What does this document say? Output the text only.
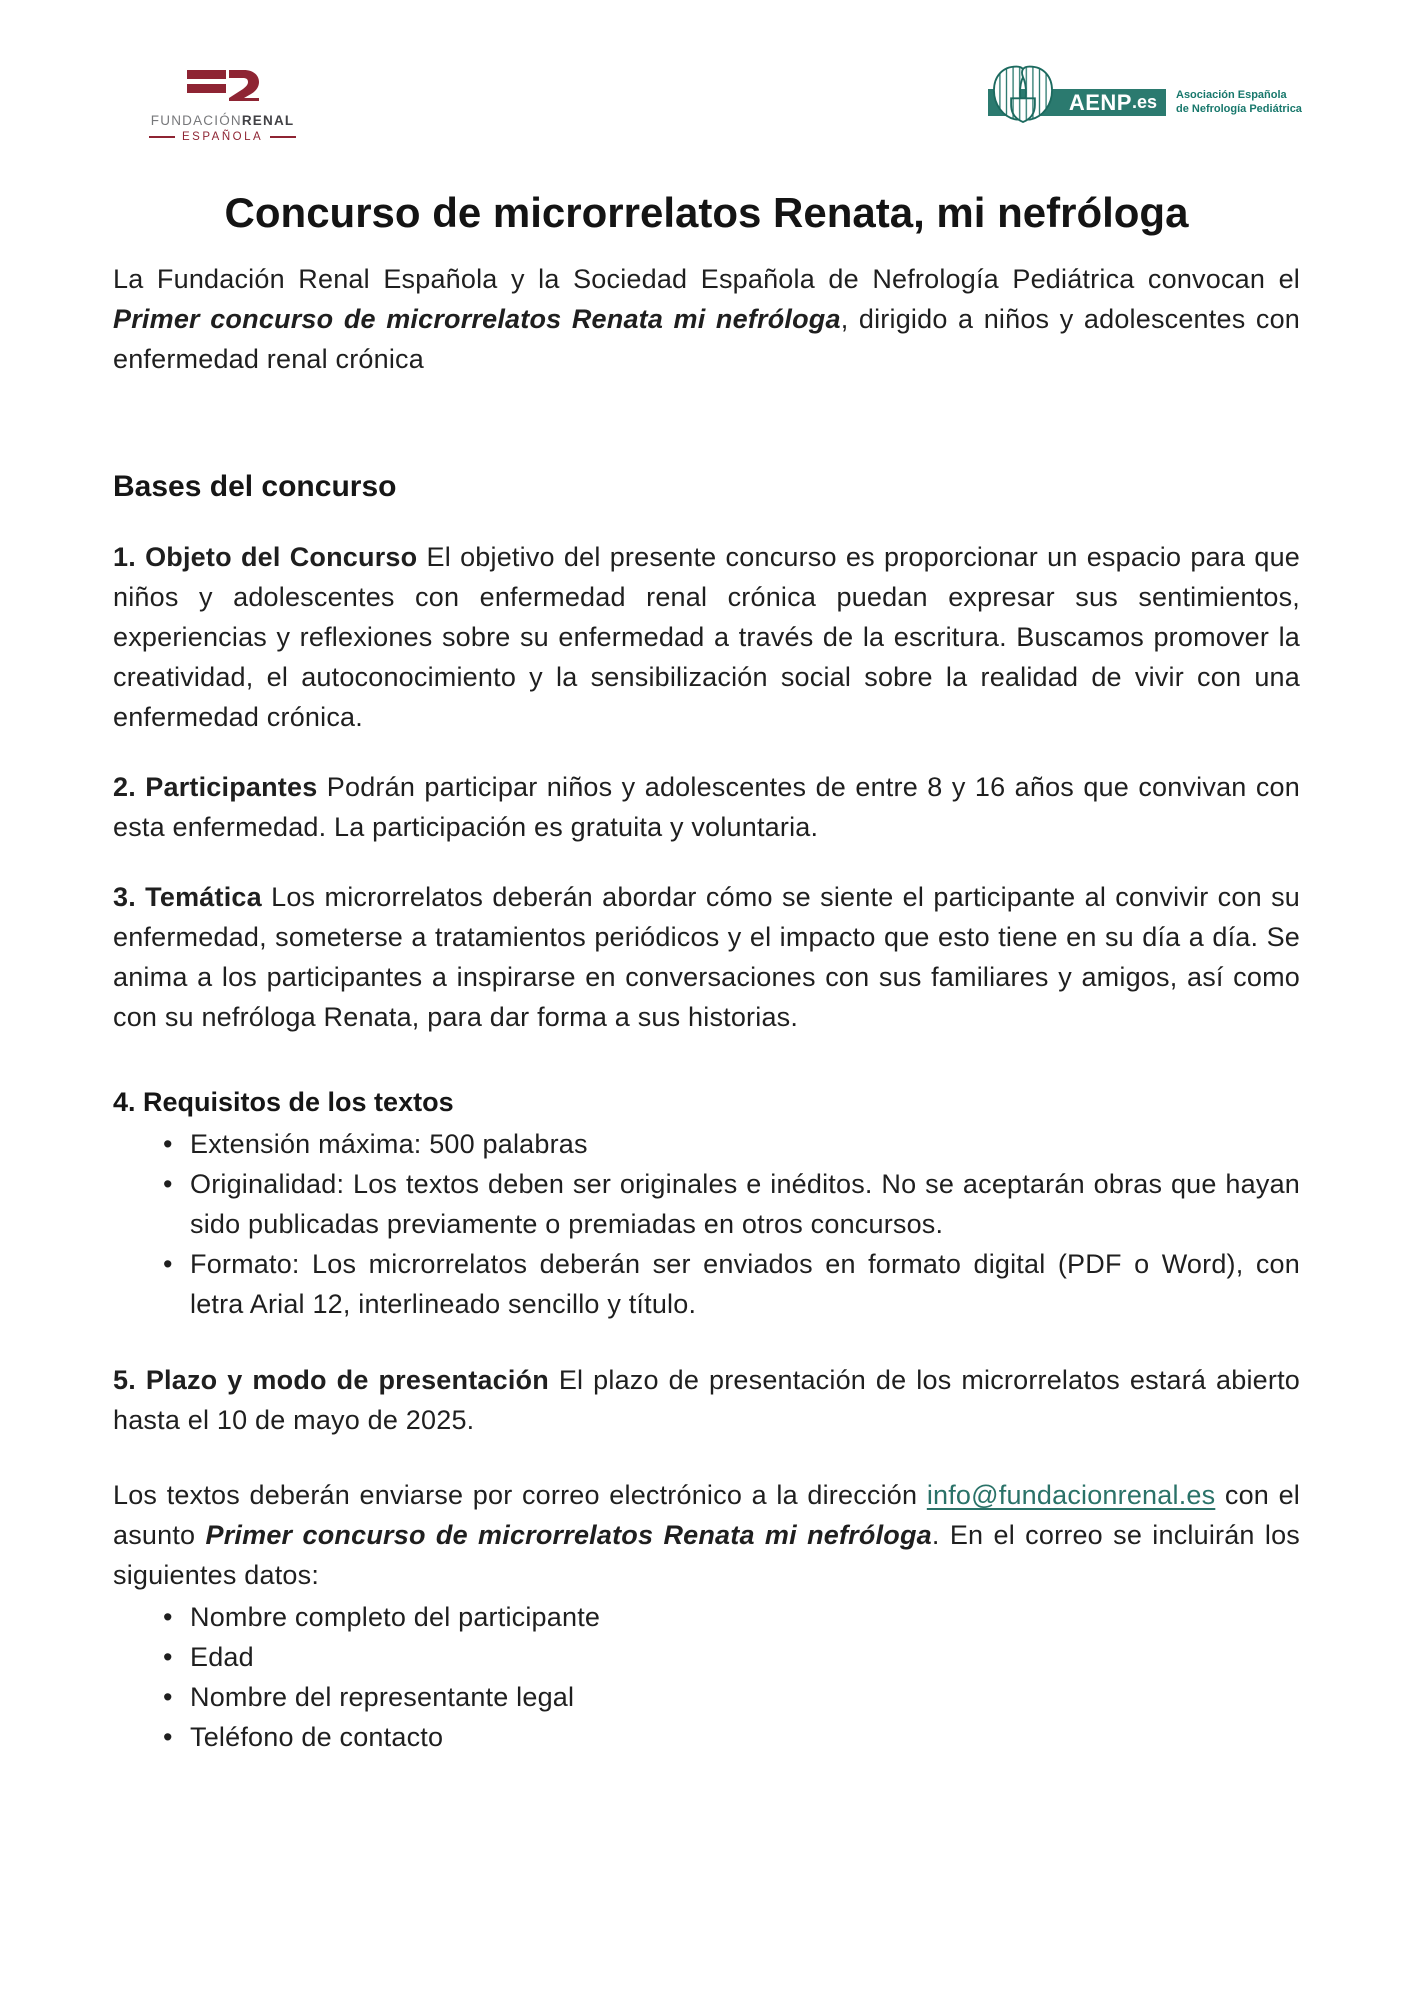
FUNDACIÓNRENAL
ESPAÑOLA
AENP .es Asociación Española
de Nefrología Pediátrica
Concurso de microrrelatos Renata, mi nefróloga

La Fundación Renal Española y la Sociedad Española de Nefrología Pediátrica convocan el Primer concurso de microrrelatos Renata mi nefróloga, dirigido a niños y adolescentes con enfermedad renal crónica

Bases del concurso

1. Objeto del Concurso El objetivo del presente concurso es proporcionar un espacio para que niños y adolescentes con enfermedad renal crónica puedan expresar sus sentimientos, experiencias y reflexiones sobre su enfermedad a través de la escritura. Buscamos promover la creatividad, el autoconocimiento y la sensibilización social sobre la realidad de vivir con una enfermedad crónica.

2. Participantes Podrán participar niños y adolescentes de entre 8 y 16 años que convivan con esta enfermedad. La participación es gratuita y voluntaria.

3. Temática Los microrrelatos deberán abordar cómo se siente el participante al convivir con su enfermedad, someterse a tratamientos periódicos y el impacto que esto tiene en su día a día. Se anima a los participantes a inspirarse en conversaciones con sus familiares y amigos, así como con su nefróloga Renata, para dar forma a sus historias.

4. Requisitos de los textos
• Extensión máxima: 500 palabras
• Originalidad: Los textos deben ser originales e inéditos. No se aceptarán obras que hayan sido publicadas previamente o premiadas en otros concursos.
• Formato: Los microrrelatos deberán ser enviados en formato digital (PDF o Word), con letra Arial 12, interlineado sencillo y título.

5. Plazo y modo de presentación El plazo de presentación de los microrrelatos estará abierto hasta el 10 de mayo de 2025.

Los textos deberán enviarse por correo electrónico a la dirección info@fundacionrenal.es con el asunto Primer concurso de microrrelatos Renata mi nefróloga. En el correo se incluirán los siguientes datos:

• Nombre completo del participante
• Edad
• Nombre del representante legal
• Teléfono de contacto
